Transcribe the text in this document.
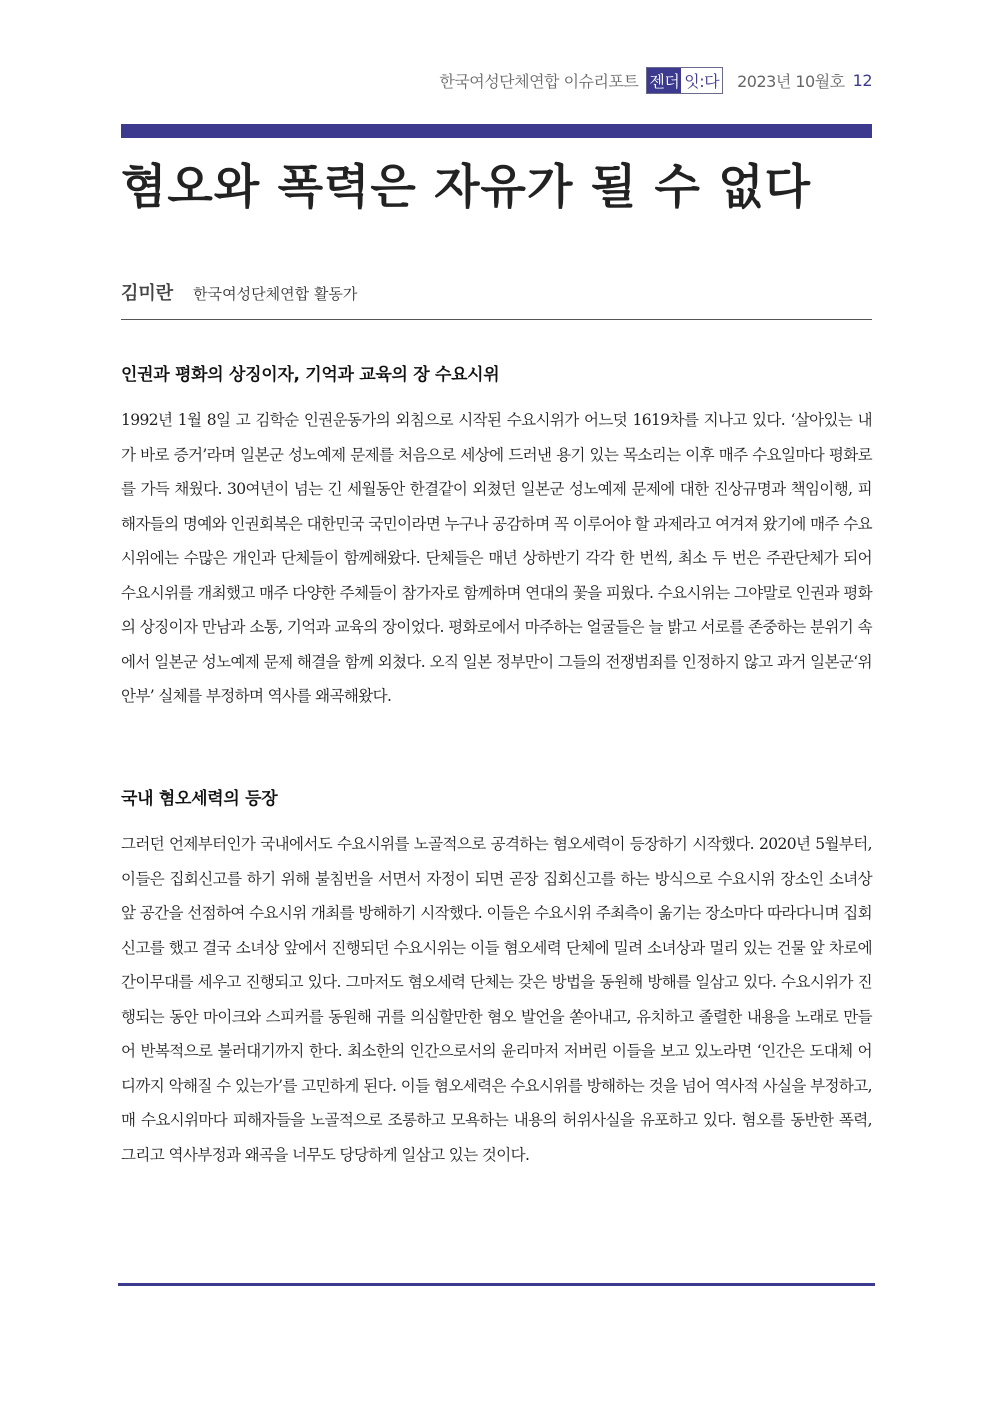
한국여성단체연합 이슈리포트 젠더 잇:다 2023년 10월호 12
혐오와 폭력은 자유가 될 수 없다
김미란 한국여성단체연합 활동가
인권과 평화의 상징이자, 기억과 교육의 장 수요시위

1992년 1월 8일 고 김학순 인권운동가의 외침으로 시작된 수요시위가 어느덧 1619차를 지나고 있다. ‘살아있는 내가 바로 증거’라며 일본군 성노예제 문제를 처음으로 세상에 드러낸 용기 있는 목소리는 이후 매주 수요일마다 평화로를 가득 채웠다. 30여년이 넘는 긴 세월동안 한결같이 외쳤던 일본군 성노예제 문제에 대한 진상규명과 책임이행, 피해자들의 명예와 인권회복은 대한민국 국민이라면 누구나 공감하며 꼭 이루어야 할 과제라고 여겨져 왔기에 매주 수요시위에는 수많은 개인과 단체들이 함께해왔다. 단체들은 매년 상하반기 각각 한 번씩, 최소 두 번은 주관단체가 되어 수요시위를 개최했고 매주 다양한 주체들이 참가자로 함께하며 연대의 꽃을 피웠다. 수요시위는 그야말로 인권과 평화의 상징이자 만남과 소통, 기억과 교육의 장이었다. 평화로에서 마주하는 얼굴들은 늘 밝고 서로를 존중하는 분위기 속에서 일본군 성노예제 문제 해결을 함께 외쳤다. 오직 일본 정부만이 그들의 전쟁범죄를 인정하지 않고 과거 일본군‘위안부’ 실체를 부정하며 역사를 왜곡해왔다.

국내 혐오세력의 등장

그러던 언제부터인가 국내에서도 수요시위를 노골적으로 공격하는 혐오세력이 등장하기 시작했다. 2020년 5월부터, 이들은 집회신고를 하기 위해 불침번을 서면서 자정이 되면 곧장 집회신고를 하는 방식으로 수요시위 장소인 소녀상 앞 공간을 선점하여 수요시위 개최를 방해하기 시작했다. 이들은 수요시위 주최측이 옮기는 장소마다 따라다니며 집회 신고를 했고 결국 소녀상 앞에서 진행되던 수요시위는 이들 혐오세력 단체에 밀려 소녀상과 멀리 있는 건물 앞 차로에 간이무대를 세우고 진행되고 있다. 그마저도 혐오세력 단체는 갖은 방법을 동원해 방해를 일삼고 있다. 수요시위가 진행되는 동안 마이크와 스피커를 동원해 귀를 의심할만한 혐오 발언을 쏟아내고, 유치하고 졸렬한 내용을 노래로 만들어 반복적으로 불러대기까지 한다. 최소한의 인간으로서의 윤리마저 저버린 이들을 보고 있노라면 ‘인간은 도대체 어디까지 악해질 수 있는가’를 고민하게 된다. 이들 혐오세력은 수요시위를 방해하는 것을 넘어 역사적 사실을 부정하고, 매 수요시위마다 피해자들을 노골적으로 조롱하고 모욕하는 내용의 허위사실을 유포하고 있다. 혐오를 동반한 폭력, 그리고 역사부정과 왜곡을 너무도 당당하게 일삼고 있는 것이다.
